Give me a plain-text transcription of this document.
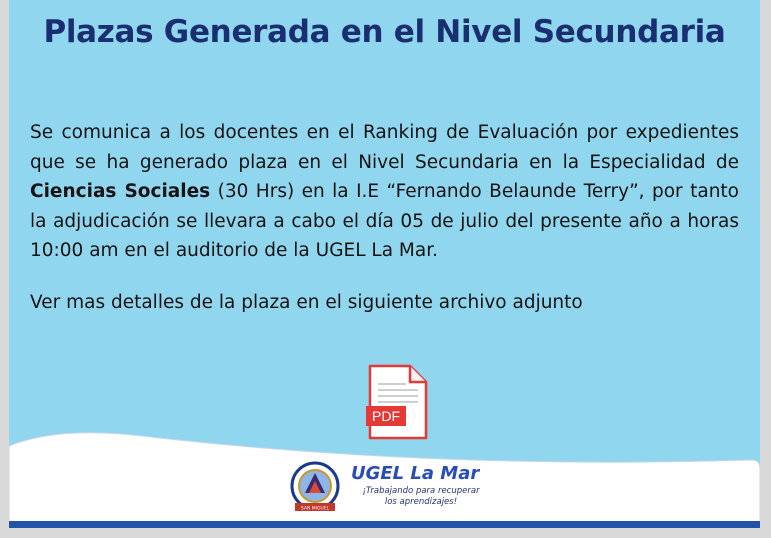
Plazas Generada en el Nivel Secundaria
Se comunica a los docentes en el Ranking de Evaluación por expedientes que se ha generado plaza en el Nivel Secundaria en la Especialidad de Ciencias Sociales (30 Hrs) en la I.E “Fernando Belaunde Terry”, por tanto la adjudicación se llevara a cabo el día 05 de julio del presente año a horas 10:00 am en el auditorio de la UGEL La Mar.
Ver mas detalles de la plaza en el siguiente archivo adjunto
PDF
SAN MIGUEL
UGEL La Mar
¡Trabajando para recuperar
los aprendizajes!
